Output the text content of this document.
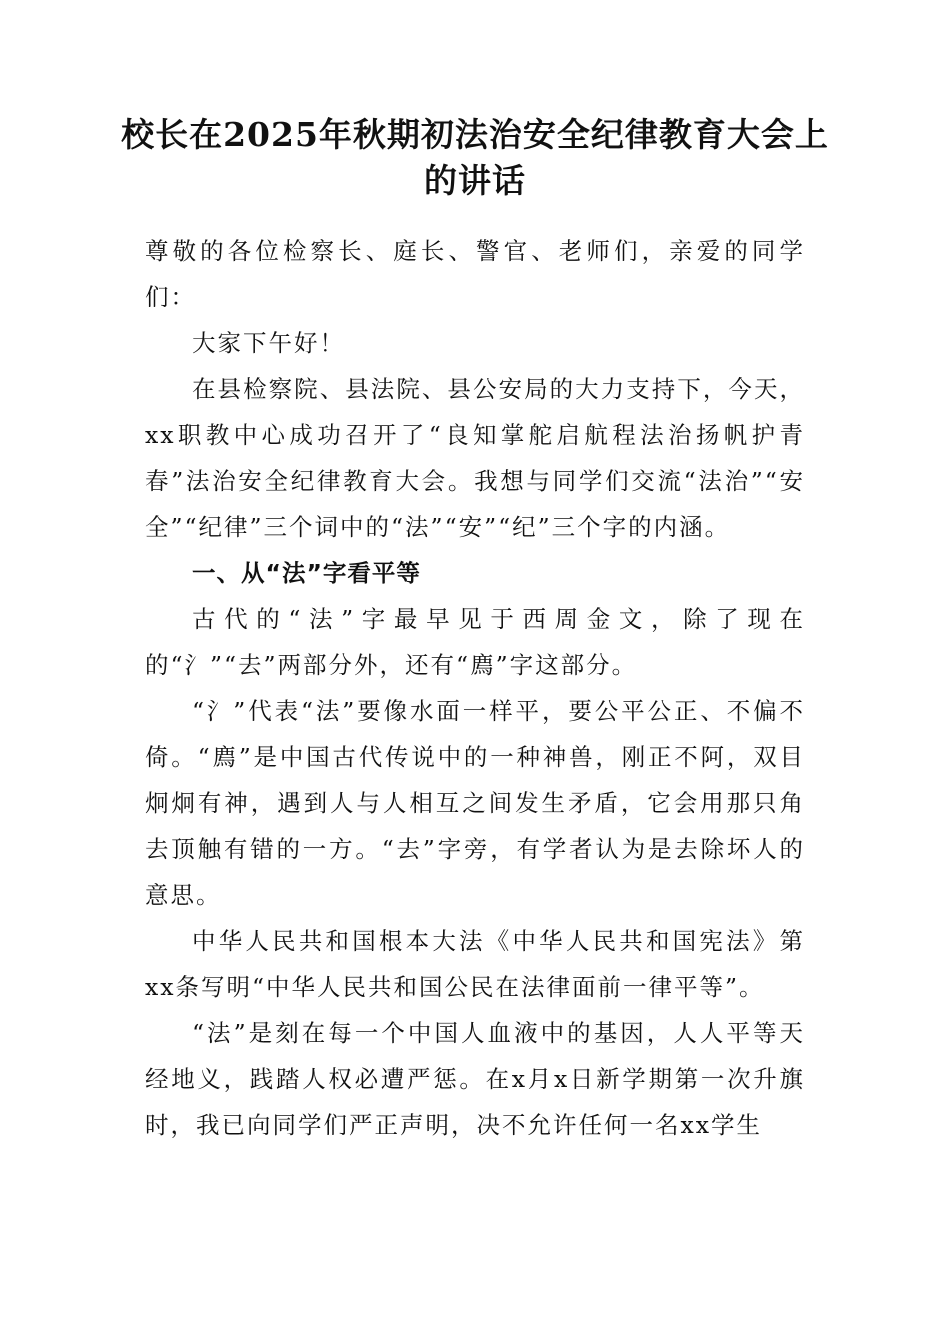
校长在2025年秋期初法治安全纪律教育大会上的讲话

尊敬的各位检察长、庭长、警官、老师们，亲爱的同学们：

大家下午好！

在县检察院、县法院、县公安局的大力支持下，今天，xx职教中心成功召开了“良知掌舵启航程法治扬帆护青春”法治安全纪律教育大会。我想与同学们交流“法治”“安全”“纪律”三个词中的“法”“安”“纪”三个字的内涵。

一、从“法”字看平等

古代的“法”字最早见于西周金文，除了现在的“氵”“去”两部分外，还有“廌”字这部分。

“氵”代表“法”要像水面一样平，要公平公正、不偏不倚。“廌”是中国古代传说中的一种神兽，刚正不阿，双目炯炯有神，遇到人与人相互之间发生矛盾，它会用那只角去顶触有错的一方。“去”字旁，有学者认为是去除坏人的意思。

中华人民共和国根本大法《中华人民共和国宪法》第xx条写明“中华人民共和国公民在法律面前一律平等”。

“法”是刻在每一个中国人血液中的基因，人人平等天经地义，践踏人权必遭严惩。在x月x日新学期第一次升旗时，我已向同学们严正声明，决不允许任何一名xx学生
